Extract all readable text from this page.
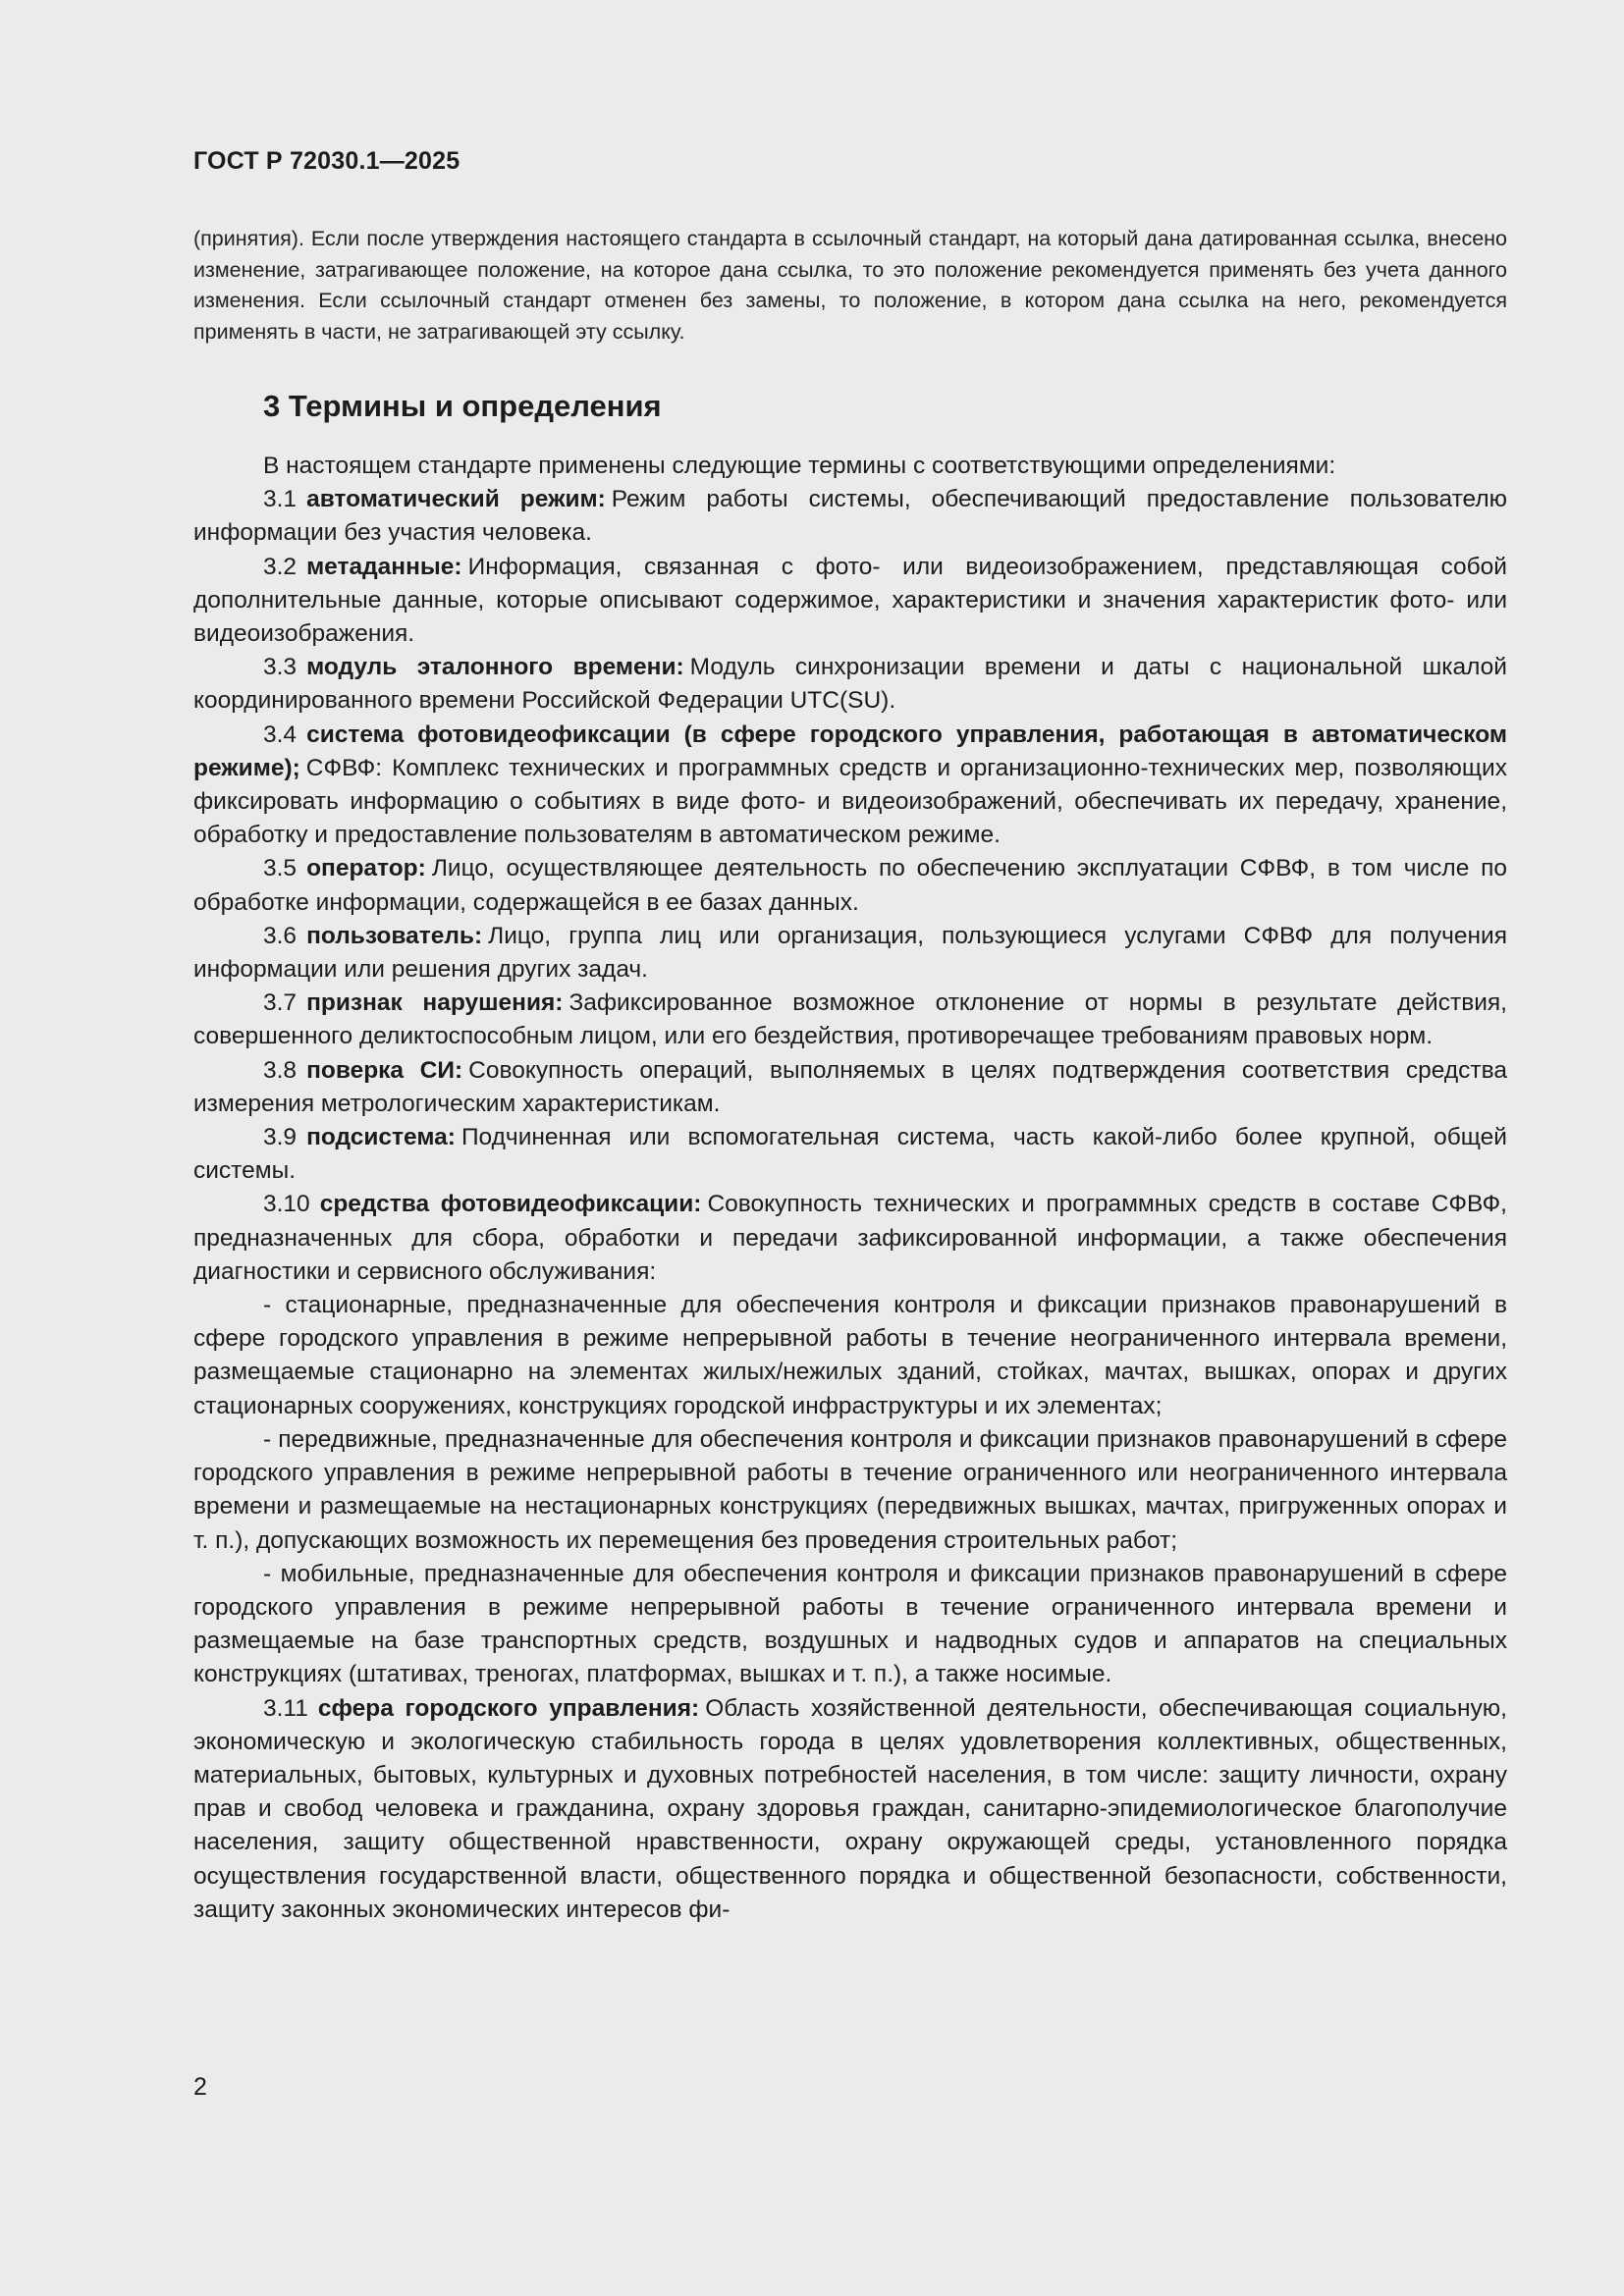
ГОСТ Р 72030.1—2025
(принятия). Если после утверждения настоящего стандарта в ссылочный стандарт, на который дана датированная ссылка, внесено изменение, затрагивающее положение, на которое дана ссылка, то это положение рекомендуется применять без учета данного изменения. Если ссылочный стандарт отменен без замены, то положение, в котором дана ссылка на него, рекомендуется применять в части, не затрагивающей эту ссылку.
3 Термины и определения

В настоящем стандарте применены следующие термины с соответствующими определениями:

3.1 автоматический режим: Режим работы системы, обеспечивающий предоставление пользователю информации без участия человека.

3.2 метаданные: Информация, связанная с фото- или видеоизображением, представляющая собой дополнительные данные, которые описывают содержимое, характеристики и значения характеристик фото- или видеоизображения.

3.3 модуль эталонного времени: Модуль синхронизации времени и даты с национальной шкалой координированного времени Российской Федерации UTC(SU).

3.4 система фотовидеофиксации (в сфере городского управления, работающая в автоматическом режиме); СФВФ: Комплекс технических и программных средств и организационно-технических мер, позволяющих фиксировать информацию о событиях в виде фото- и видеоизображений, обеспечивать их передачу, хранение, обработку и предоставление пользователям в автоматическом режиме.

3.5 оператор: Лицо, осуществляющее деятельность по обеспечению эксплуатации СФВФ, в том числе по обработке информации, содержащейся в ее базах данных.

3.6 пользователь: Лицо, группа лиц или организация, пользующиеся услугами СФВФ для получения информации или решения других задач.

3.7 признак нарушения: Зафиксированное возможное отклонение от нормы в результате действия, совершенного деликтоспособным лицом, или его бездействия, противоречащее требованиям правовых норм.

3.8 поверка СИ: Совокупность операций, выполняемых в целях подтверждения соответствия средства измерения метрологическим характеристикам.

3.9 подсистема: Подчиненная или вспомогательная система, часть какой-либо более крупной, общей системы.

3.10 средства фотовидеофиксации: Совокупность технических и программных средств в составе СФВФ, предназначенных для сбора, обработки и передачи зафиксированной информации, а также обеспечения диагностики и сервисного обслуживания:

- стационарные, предназначенные для обеспечения контроля и фиксации признаков правонарушений в сфере городского управления в режиме непрерывной работы в течение неограниченного интервала времени, размещаемые стационарно на элементах жилых/нежилых зданий, стойках, мачтах, вышках, опорах и других стационарных сооружениях, конструкциях городской инфраструктуры и их элементах;

- передвижные, предназначенные для обеспечения контроля и фиксации признаков правонарушений в сфере городского управления в режиме непрерывной работы в течение ограниченного или неограниченного интервала времени и размещаемые на нестационарных конструкциях (передвижных вышках, мачтах, пригруженных опорах и т. п.), допускающих возможность их перемещения без проведения строительных работ;

- мобильные, предназначенные для обеспечения контроля и фиксации признаков правонарушений в сфере городского управления в режиме непрерывной работы в течение ограниченного интервала времени и размещаемые на базе транспортных средств, воздушных и надводных судов и аппаратов на специальных конструкциях (штативах, треногах, платформах, вышках и т. п.), а также носимые.

3.11 сфера городского управления: Область хозяйственной деятельности, обеспечивающая социальную, экономическую и экологическую стабильность города в целях удовлетворения коллективных, общественных, материальных, бытовых, культурных и духовных потребностей населения, в том числе: защиту личности, охрану прав и свобод человека и гражданина, охрану здоровья граждан, санитарно-эпидемиологическое благополучие населения, защиту общественной нравственности, охрану окружающей среды, установленного порядка осуществления государственной власти, общественного порядка и общественной безопасности, собственности, защиту законных экономических интересов фи-

2
